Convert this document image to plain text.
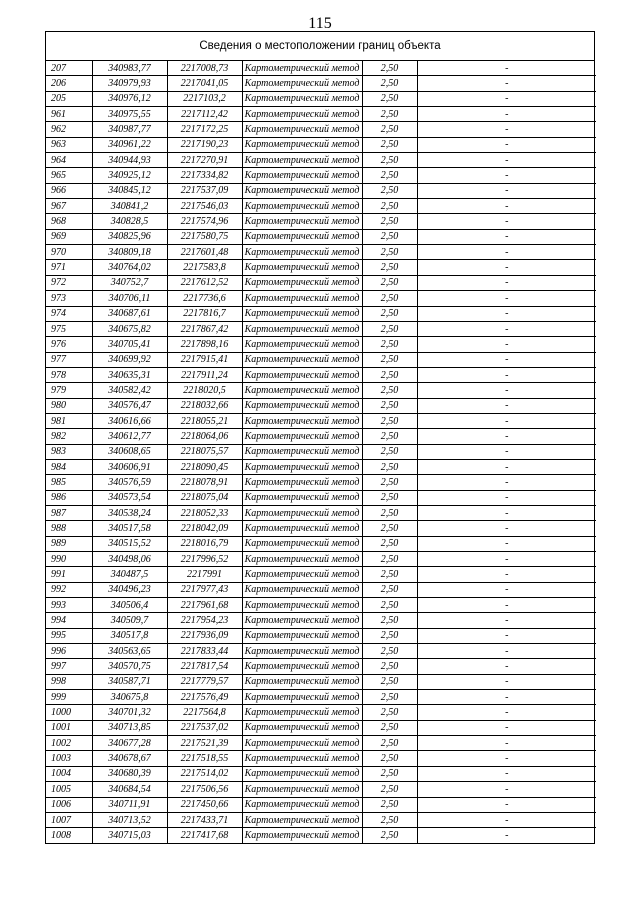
115
Сведения о местоположении границ объекта
207	340983,77	2217008,73	Картометрический метод	2,50	-
206	340979,93	2217041,05	Картометрический метод	2,50	-
205	340976,12	2217103,2	Картометрический метод	2,50	-
961	340975,55	2217112,42	Картометрический метод	2,50	-
962	340987,77	2217172,25	Картометрический метод	2,50	-
963	340961,22	2217190,23	Картометрический метод	2,50	-
964	340944,93	2217270,91	Картометрический метод	2,50	-
965	340925,12	2217334,82	Картометрический метод	2,50	-
966	340845,12	2217537,09	Картометрический метод	2,50	-
967	340841,2	2217546,03	Картометрический метод	2,50	-
968	340828,5	2217574,96	Картометрический метод	2,50	-
969	340825,96	2217580,75	Картометрический метод	2,50	-
970	340809,18	2217601,48	Картометрический метод	2,50	-
971	340764,02	2217583,8	Картометрический метод	2,50	-
972	340752,7	2217612,52	Картометрический метод	2,50	-
973	340706,11	2217736,6	Картометрический метод	2,50	-
974	340687,61	2217816,7	Картометрический метод	2,50	-
975	340675,82	2217867,42	Картометрический метод	2,50	-
976	340705,41	2217898,16	Картометрический метод	2,50	-
977	340699,92	2217915,41	Картометрический метод	2,50	-
978	340635,31	2217911,24	Картометрический метод	2,50	-
979	340582,42	2218020,5	Картометрический метод	2,50	-
980	340576,47	2218032,66	Картометрический метод	2,50	-
981	340616,66	2218055,21	Картометрический метод	2,50	-
982	340612,77	2218064,06	Картометрический метод	2,50	-
983	340608,65	2218075,57	Картометрический метод	2,50	-
984	340606,91	2218090,45	Картометрический метод	2,50	-
985	340576,59	2218078,91	Картометрический метод	2,50	-
986	340573,54	2218075,04	Картометрический метод	2,50	-
987	340538,24	2218052,33	Картометрический метод	2,50	-
988	340517,58	2218042,09	Картометрический метод	2,50	-
989	340515,52	2218016,79	Картометрический метод	2,50	-
990	340498,06	2217996,52	Картометрический метод	2,50	-
991	340487,5	2217991	Картометрический метод	2,50	-
992	340496,23	2217977,43	Картометрический метод	2,50	-
993	340506,4	2217961,68	Картометрический метод	2,50	-
994	340509,7	2217954,23	Картометрический метод	2,50	-
995	340517,8	2217936,09	Картометрический метод	2,50	-
996	340563,65	2217833,44	Картометрический метод	2,50	-
997	340570,75	2217817,54	Картометрический метод	2,50	-
998	340587,71	2217779,57	Картометрический метод	2,50	-
999	340675,8	2217576,49	Картометрический метод	2,50	-
1000	340701,32	2217564,8	Картометрический метод	2,50	-
1001	340713,85	2217537,02	Картометрический метод	2,50	-
1002	340677,28	2217521,39	Картометрический метод	2,50	-
1003	340678,67	2217518,55	Картометрический метод	2,50	-
1004	340680,39	2217514,02	Картометрический метод	2,50	-
1005	340684,54	2217506,56	Картометрический метод	2,50	-
1006	340711,91	2217450,66	Картометрический метод	2,50	-
1007	340713,52	2217433,71	Картометрический метод	2,50	-
1008	340715,03	2217417,68	Картометрический метод	2,50	-
